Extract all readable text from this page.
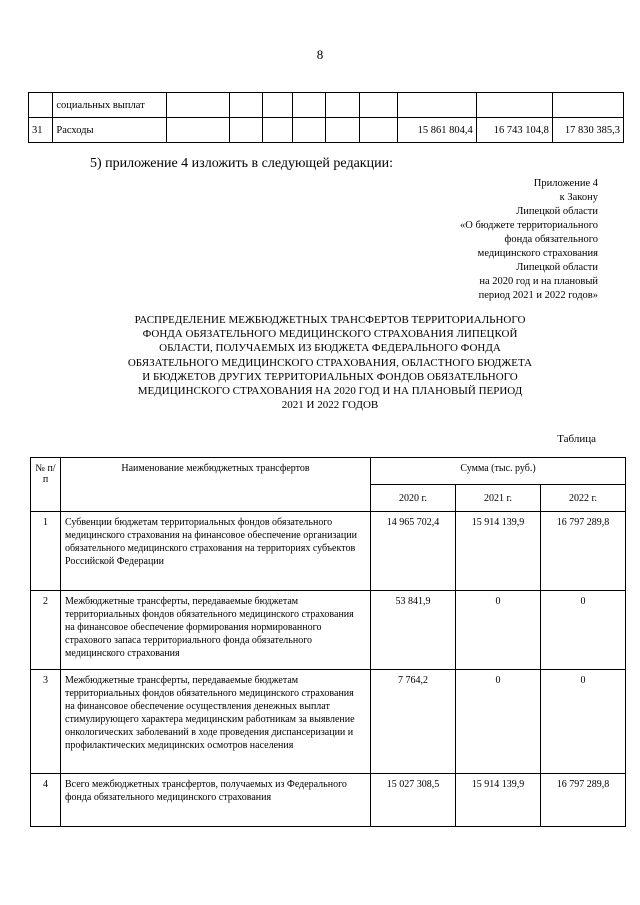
8
	социальных выплат									
31	Расходы							15 861 804,4	16 743 104,8	17 830 385,3
5) приложение 4 изложить в следующей редакции:
Приложение 4
к Закону
Липецкой области
«О бюджете территориального
фонда обязательного
медицинского страхования
Липецкой области
на 2020 год и на плановый
период 2021 и 2022 годов»
РАСПРЕДЕЛЕНИЕ МЕЖБЮДЖЕТНЫХ ТРАНСФЕРТОВ ТЕРРИТОРИАЛЬНОГО
ФОНДА ОБЯЗАТЕЛЬНОГО МЕДИЦИНСКОГО СТРАХОВАНИЯ ЛИПЕЦКОЙ
ОБЛАСТИ, ПОЛУЧАЕМЫХ ИЗ БЮДЖЕТА ФЕДЕРАЛЬНОГО ФОНДА
ОБЯЗАТЕЛЬНОГО МЕДИЦИНСКОГО СТРАХОВАНИЯ, ОБЛАСТНОГО БЮДЖЕТА
И БЮДЖЕТОВ ДРУГИХ ТЕРРИТОРИАЛЬНЫХ ФОНДОВ ОБЯЗАТЕЛЬНОГО
МЕДИЦИНСКОГО СТРАХОВАНИЯ НА 2020 ГОД И НА ПЛАНОВЫЙ ПЕРИОД
2021 И 2022 ГОДОВ
Таблица
№ п/п	Наименование межбюджетных трансфертов	Сумма (тыс. руб.)		
		2020 г.	2021 г.	2022 г.
1	Субвенции бюджетам территориальных фондов обязательного медицинского страхования на финансовое обеспечение организации обязательного медицинского страхования на территориях субъектов Российской Федерации	14 965 702,4	15 914 139,9	16 797 289,8
2	Межбюджетные трансферты, передаваемые бюджетам территориальных фондов обязательного медицинского страхования на финансовое обеспечение формирования нормированного страхового запаса территориального фонда обязательного медицинского страхования	53 841,9	0	0
3	Межбюджетные трансферты, передаваемые бюджетам территориальных фондов обязательного медицинского страхования на финансовое обеспечение осуществления денежных выплат стимулирующего характера медицинским работникам за выявление онкологических заболеваний в ходе проведения диспансеризации и профилактических медицинских осмотров населения	7 764,2	0	0
4	Всего межбюджетных трансфертов, получаемых из Федерального фонда обязательного медицинского страхования	15 027 308,5	15 914 139,9	16 797 289,8
